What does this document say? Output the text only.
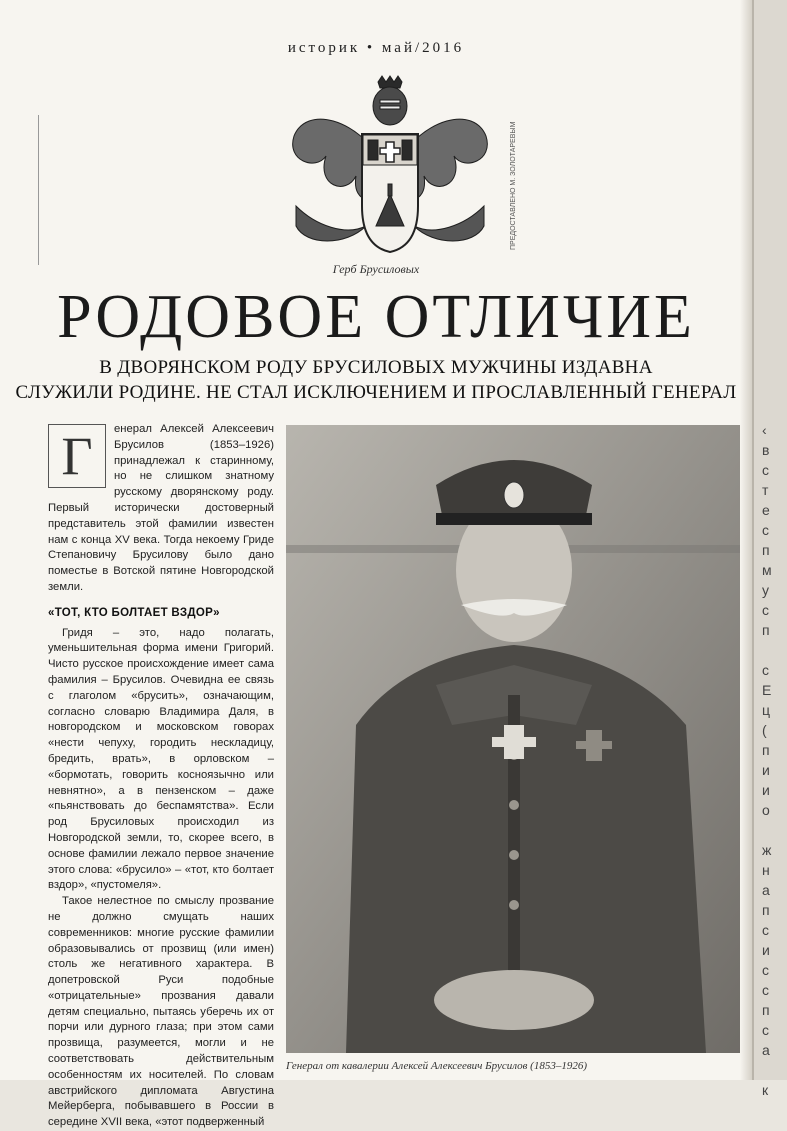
историк • май/2016
ПРЕДОСТАВЛЕНО М. ЗОЛОТАРЕВЫМ
Герб Брусиловых
РОДОВОЕ ОТЛИЧИЕ
В ДВОРЯНСКОМ РОДУ БРУСИЛОВЫХ МУЖЧИНЫ ИЗДАВНА
СЛУЖИЛИ РОДИНЕ. НЕ СТАЛ ИСКЛЮЧЕНИЕМ И ПРОСЛАВЛЕННЫЙ ГЕНЕРАЛ
Г	енерал Алексей Алексеевич Брусилов (1853–1926) принадлежал к старинному, но не слишком знатному русскому дворянскому роду. Первый исторически достоверный представитель этой фамилии известен нам с конца XV века. Тогда некоему Гриде Степановичу Брусилову было дано поместье в Вотской пятине Новгородской земли.

«ТОТ, КТО БОЛТАЕТ ВЗДОР»

Гридя – это, надо полагать, уменьшительная форма имени Григорий. Чисто русское происхождение имеет сама фамилия – Брусилов. Очевидна ее связь с глаголом «брусить», означающим, согласно словарю Владимира Даля, в новгородском и московском говорах «нести чепуху, городить нескладицу, бредить, врать», в орловском – «бормотать, говорить косноязычно или невнятно», а в пензенском – даже «пьянствовать до беспамятства». Если род Брусиловых происходил из Новгородской земли, то, скорее всего, в основе фамилии лежало первое значение этого слова: «брусило» – «тот, кто болтает вздор», «пустомеля».

Такое нелестное по смыслу прозвание не должно смущать наших современников: многие русские фамилии образовывались от прозвищ (или имен) столь же негативного характера. В допетровской Руси подобные «отрицательные» прозвания давали детям специально, пытаясь уберечь их от порчи или дурного глаза; при этом сами прозвища, разумеется, могли и не соответствовать действительным особенностям их носителей. По словам австрийского дипломата Августина Мейерберга, побывавшего в России в середине XVII века, «этот подверженный

Генерал от кавалерии Алексей Алексеевич Брусилов (1853–1926)
‹
в
с
т
е
с
п
м
у
с
п

с
Е
ц
(
п
и
и
о

ж
н
а
п
с
и
с
с
п
с
а

к
